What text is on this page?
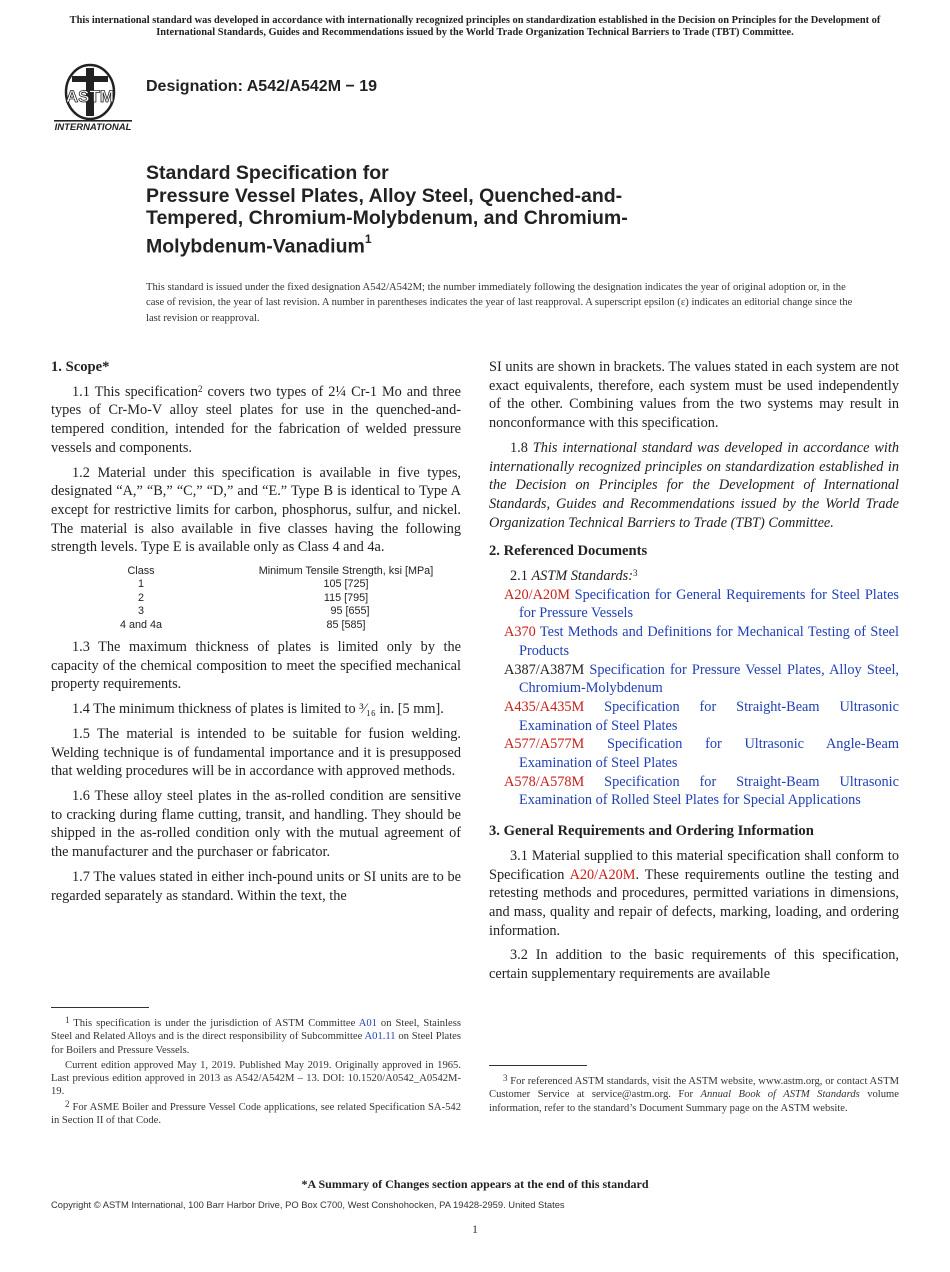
This international standard was developed in accordance with internationally recognized principles on standardization established in the Decision on Principles for the Development of International Standards, Guides and Recommendations issued by the World Trade Organization Technical Barriers to Trade (TBT) Committee.
ASTM
INTERNATIONAL
Designation: A542/A542M − 19
Standard Specification for
Pressure Vessel Plates, Alloy Steel, Quenched-and-
Tempered, Chromium-Molybdenum, and Chromium-
Molybdenum-Vanadium$^1$
This standard is issued under the fixed designation A542/A542M; the number immediately following the designation indicates the year of original adoption or, in the case of revision, the year of last revision. A number in parentheses indicates the year of last reapproval. A superscript epsilon (ε) indicates an editorial change since the last revision or reapproval.
1. Scope*

1.1 This specification$^2$ covers two types of 2¼ Cr-1 Mo and three types of Cr-Mo-V alloy steel plates for use in the quenched-and-tempered condition, intended for the fabrication of welded pressure vessels and components.

1.2 Material under this specification is available in five types, designated “A,” “B,” “C,” “D,” and “E.” Type B is identical to Type A except for restrictive limits for carbon, phosphorus, sulfur, and nickel. The material is also available in five classes having the following strength levels. Type E is available only as Class 4 and 4a.

Class	Minimum Tensile Strength, ksi [MPa]
1	105 [725]
2	115 [795]
3	95 [655]
4 and 4a	85 [585]

1.3 The maximum thickness of plates is limited only by the capacity of the chemical composition to meet the specified mechanical property requirements.

1.4 The minimum thickness of plates is limited to ³⁄₁₆ in. [5 mm].

1.5 The material is intended to be suitable for fusion welding. Welding technique is of fundamental importance and it is presupposed that welding procedures will be in accordance with approved methods.

1.6 These alloy steel plates in the as-rolled condition are sensitive to cracking during flame cutting, transit, and handling. They should be shipped in the as-rolled condition only with the mutual agreement of the manufacturer and the purchaser or fabricator.

1.7 The values stated in either inch-pound units or SI units are to be regarded separately as standard. Within the text, the

SI units are shown in brackets. The values stated in each system are not exact equivalents, therefore, each system must be used independently of the other. Combining values from the two systems may result in nonconformance with this specification.

1.8 This international standard was developed in accordance with internationally recognized principles on standardization established in the Decision on Principles for the Development of International Standards, Guides and Recommendations issued by the World Trade Organization Technical Barriers to Trade (TBT) Committee.

2. Referenced Documents

2.1 ASTM Standards:$^3$

A20/A20M Specification for General Requirements for Steel Plates for Pressure Vessels

A370 Test Methods and Definitions for Mechanical Testing of Steel Products

A387/A387M Specification for Pressure Vessel Plates, Alloy Steel, Chromium-Molybdenum

A435/A435M Specification for Straight-Beam Ultrasonic Examination of Steel Plates

A577/A577M Specification for Ultrasonic Angle-Beam Examination of Steel Plates

A578/A578M Specification for Straight-Beam Ultrasonic Examination of Rolled Steel Plates for Special Applications

3. General Requirements and Ordering Information

3.1 Material supplied to this material specification shall conform to Specification A20/A20M. These requirements outline the testing and retesting methods and procedures, permitted variations in dimensions, and mass, quality and repair of defects, marking, loading, and ordering information.

3.2 In addition to the basic requirements of this specification, certain supplementary requirements are available

$^1$ This specification is under the jurisdiction of ASTM Committee A01 on Steel, Stainless Steel and Related Alloys and is the direct responsibility of Subcommittee A01.11 on Steel Plates for Boilers and Pressure Vessels.

Current edition approved May 1, 2019. Published May 2019. Originally approved in 1965. Last previous edition approved in 2013 as A542/A542M – 13. DOI: 10.1520/A0542_A0542M-19.

$^2$ For ASME Boiler and Pressure Vessel Code applications, see related Specification SA-542 in Section II of that Code.

$^3$ For referenced ASTM standards, visit the ASTM website, www.astm.org, or contact ASTM Customer Service at service@astm.org. For Annual Book of ASTM Standards volume information, refer to the standard’s Document Summary page on the ASTM website.

*A Summary of Changes section appears at the end of this standard
Copyright © ASTM International, 100 Barr Harbor Drive, PO Box C700, West Conshohocken, PA 19428-2959. United States
1
